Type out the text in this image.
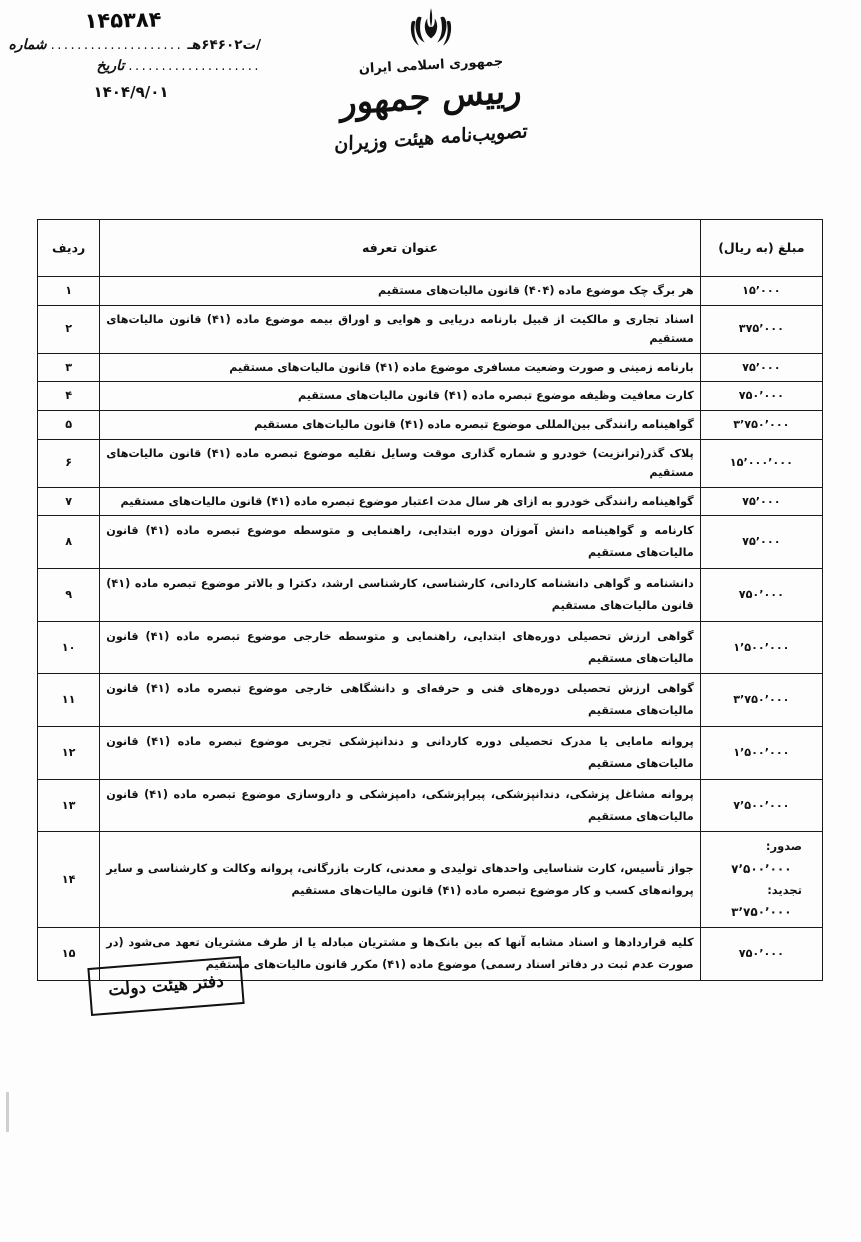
۱۴۵۳۸۴
/ت۶۴۶۰۲هـ
....................
شماره
....................
تاریخ
۱۴۰۴/۹/۰۱
جمهوری اسلامی ایران
رییس جمهور
تصویب‌نامه هیئت وزیران
مبلغ (به ریال)	عنوان تعرفه	ردیف
۱۵٬۰۰۰	هر برگ چک موضوع ماده (۴۰۴) قانون مالیات‌های مستقیم	۱
۳۷۵٬۰۰۰	اسناد تجاری و مالکیت از قبیل بارنامه دریایی و هوایی و اوراق بیمه موضوع ماده (۴۱) قانون مالیات‌های مستقیم	۲
۷۵٬۰۰۰	بارنامه زمینی و صورت وضعیت مسافری موضوع ماده (۴۱) قانون مالیات‌های مستقیم	۳
۷۵۰٬۰۰۰	کارت معافیت وظیفه موضوع تبصره ماده (۴۱) قانون مالیات‌های مستقیم	۴
۳٬۷۵۰٬۰۰۰	گواهینامه رانندگی بین‌المللی موضوع تبصره ماده (۴۱) قانون مالیات‌های مستقیم	۵
۱۵٬۰۰۰٬۰۰۰	پلاک گذر(ترانزیت) خودرو و شماره گذاری موقت وسایل نقلیه موضوع تبصره ماده (۴۱) قانون مالیات‌های مستقیم	۶
۷۵٬۰۰۰	گواهینامه رانندگی خودرو به ازای هر سال مدت اعتبار موضوع تبصره ماده (۴۱) قانون مالیات‌های مستقیم	۷
۷۵٬۰۰۰	کارنامه و گواهینامه دانش آموزان دوره ابتدایی، راهنمایی و متوسطه موضوع تبصره ماده (۴۱) قانون مالیات‌های مستقیم	۸
۷۵۰٬۰۰۰	دانشنامه و گواهی دانشنامه کاردانی، کارشناسی، کارشناسی ارشد، دکترا و بالاتر موضوع تبصره ماده (۴۱) قانون مالیات‌های مستقیم	۹
۱٬۵۰۰٬۰۰۰	گواهی ارزش تحصیلی دوره‌های ابتدایی، راهنمایی و متوسطه خارجی موضوع تبصره ماده (۴۱) قانون مالیات‌های مستقیم	۱۰
۳٬۷۵۰٬۰۰۰	گواهی ارزش تحصیلی دوره‌های فنی و حرفه‌ای و دانشگاهی خارجی موضوع تبصره ماده (۴۱) قانون مالیات‌های مستقیم	۱۱
۱٬۵۰۰٬۰۰۰	پروانه مامایی یا مدرک تحصیلی دوره کاردانی و دندانپزشکی تجربی موضوع تبصره ماده (۴۱) قانون مالیات‌های مستقیم	۱۲
۷٬۵۰۰٬۰۰۰	پروانه مشاغل پزشکی، دندانپزشکی، پیراپزشکی، دامپزشکی و داروسازی موضوع تبصره ماده (۴۱) قانون مالیات‌های مستقیم	۱۳

صدور:
۷٬۵۰۰٬۰۰۰
تجدید:
۳٬۷۵۰٬۰۰۰	جواز تأسیس، کارت شناسایی واحدهای تولیدی و معدنی، کارت بازرگانی، پروانه وکالت و کارشناسی و سایر پروانه‌های کسب و کار موضوع تبصره ماده (۴۱) قانون مالیات‌های مستقیم	۱۴
۷۵۰٬۰۰۰	کلیه قراردادها و اسناد مشابه آنها که بین بانک‌ها و مشتریان مبادله یا از طرف مشتریان تعهد می‌شود (در صورت عدم ثبت در دفاتر اسناد رسمی) موضوع ماده (۴۱) مکرر قانون مالیات‌های مستقیم	۱۵
دفتر هیئت دولت
